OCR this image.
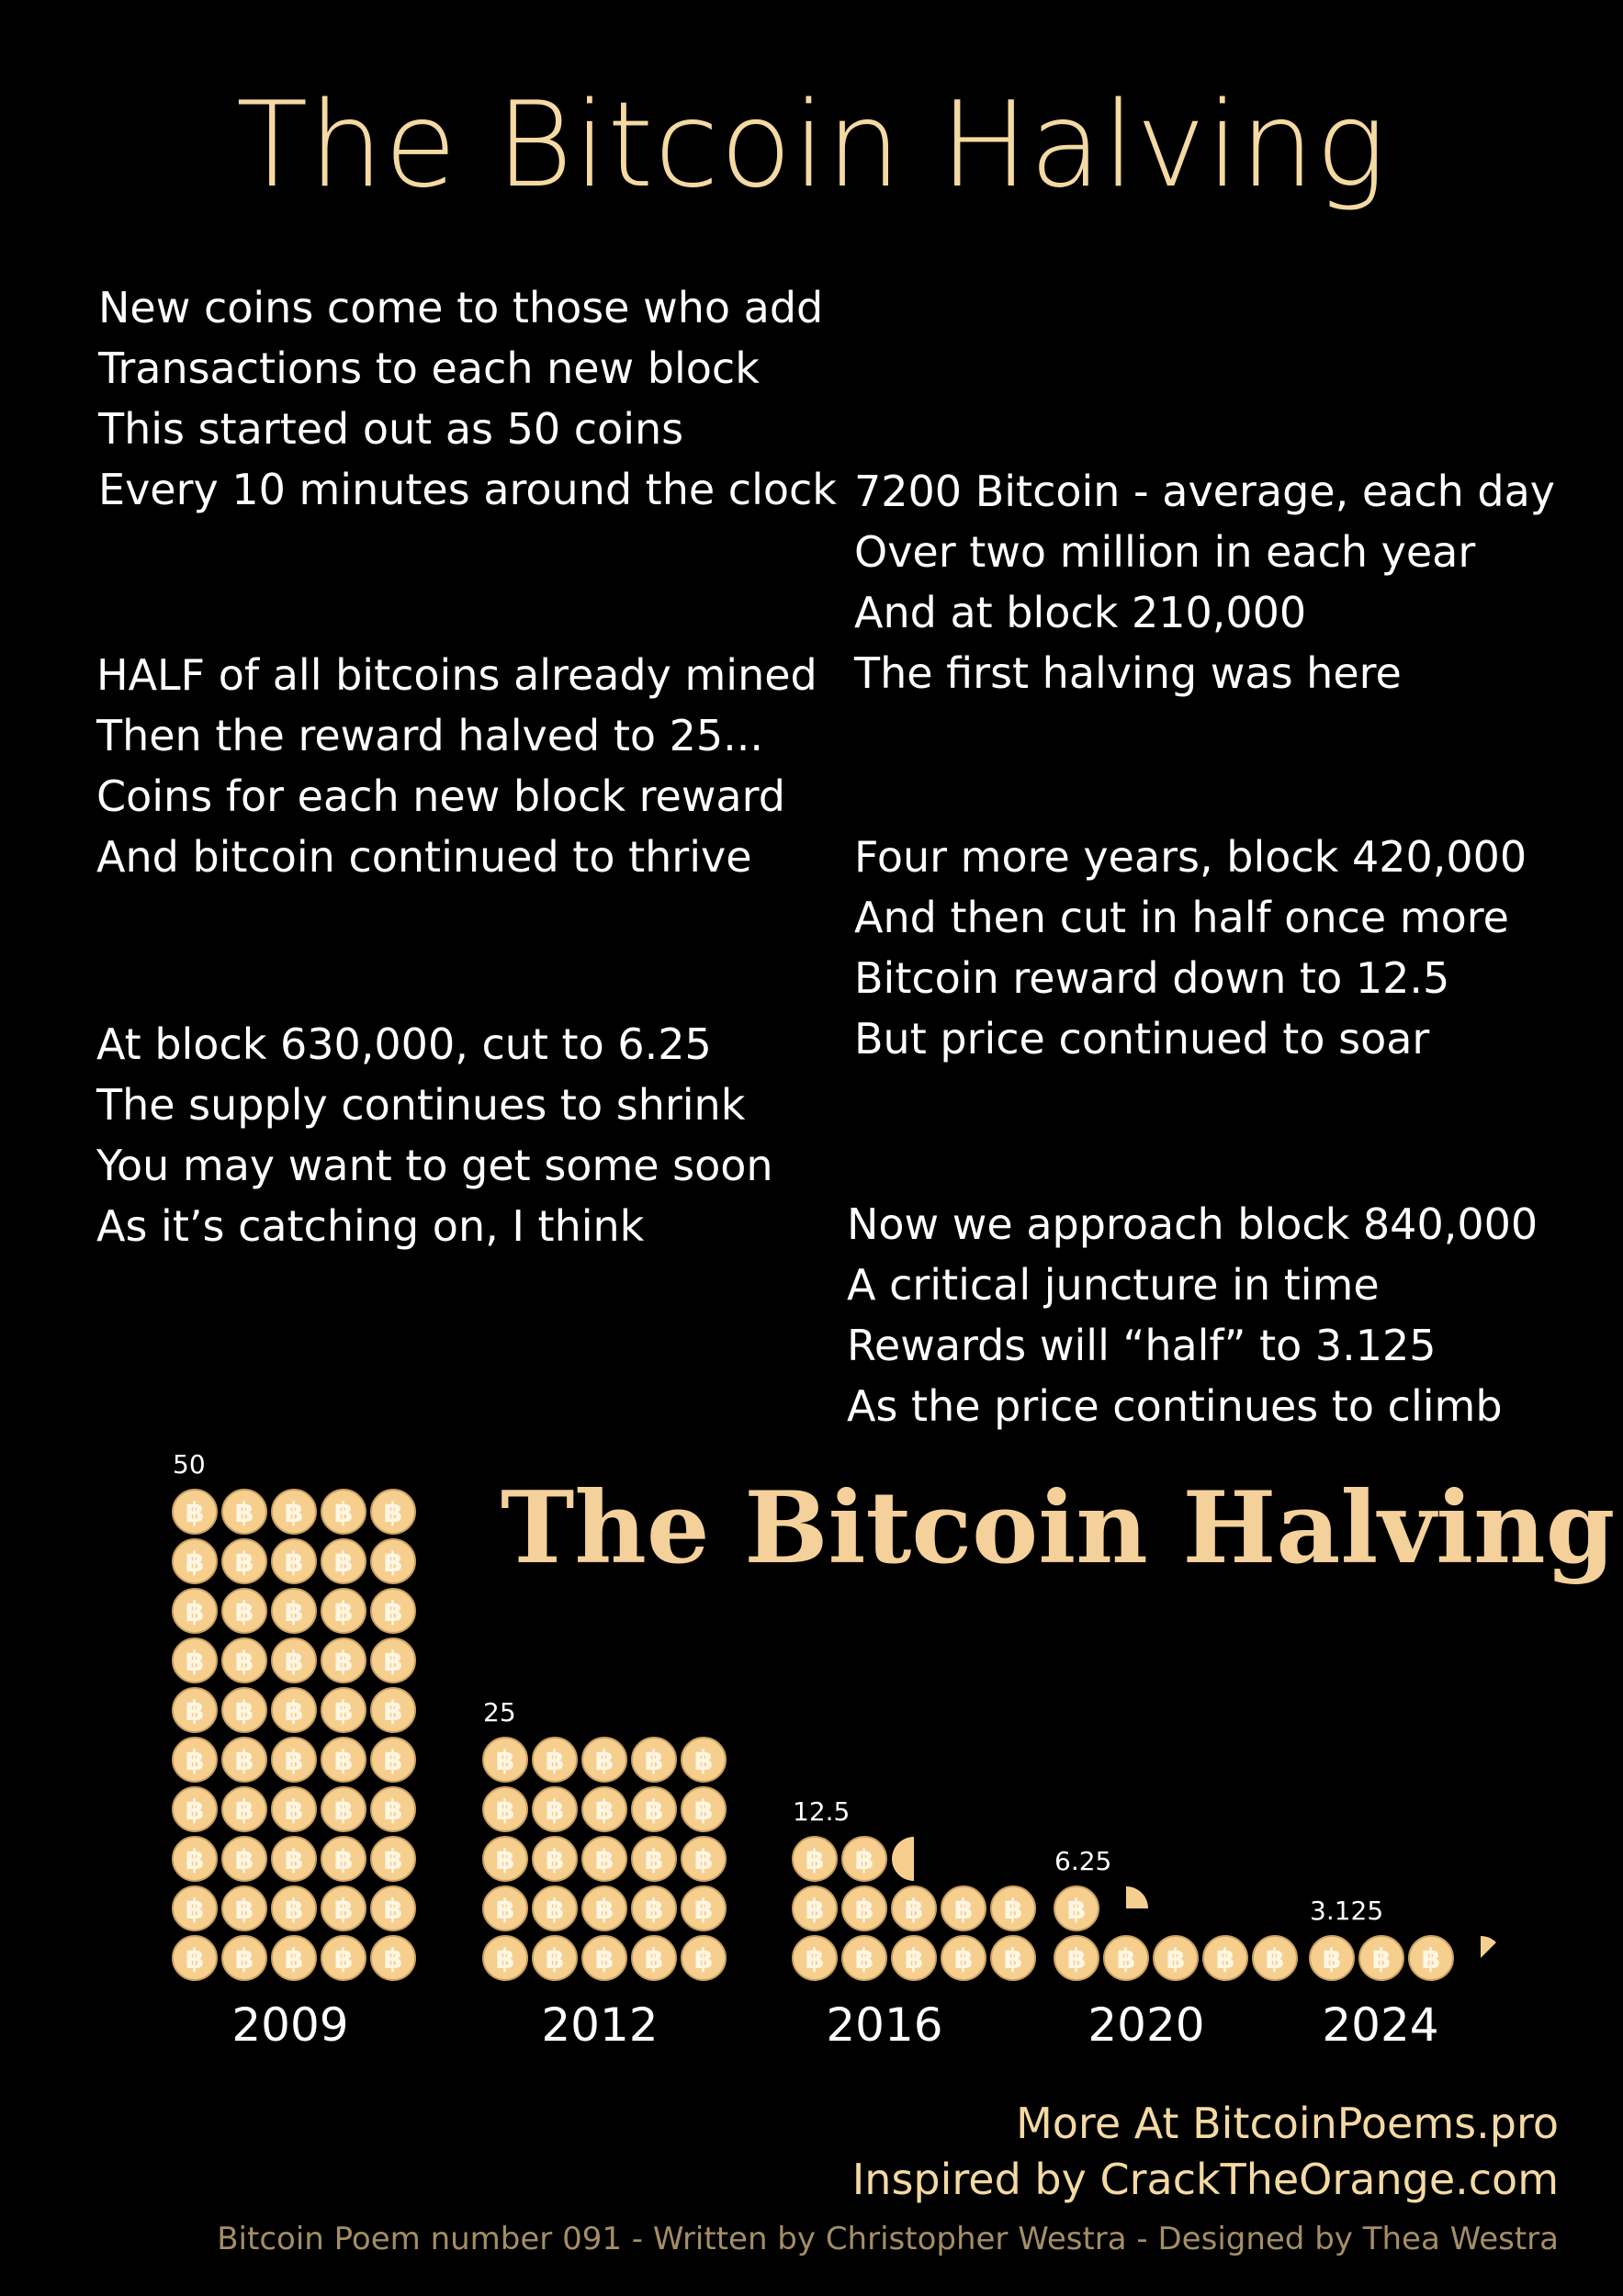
The Bitcoin Halving
New coins come to those who add
Transactions to each new block
This started out as 50 coins
Every 10 minutes around the clock 7200 Bitcoin - average, each day
Over two million in each year
And at block 210,000
The first halving was here
HALF of all bitcoins already mined
Then the reward halved to 25...
Coins for each new block reward
And bitcoin continued to thrive	Four more years, block 420,000
And then cut in half once more
Bitcoin reward down to 12.5
But price continued to soar
At block 630,000, cut to 6.25
The supply continues to shrink
You may want to get some soon
As it’s catching on, I think	Now we approach block 840,000
A critical juncture in time
Rewards will “half” to 3.125
As the price continues to climb
The Bitcoin Halving
฿ ฿ ฿ ฿ ฿
฿ ฿ ฿ ฿ ฿
฿ ฿ ฿ ฿ ฿
฿ ฿ ฿ ฿ ฿
฿ ฿ ฿ ฿ ฿
฿ ฿ ฿ ฿ ฿
฿ ฿ ฿ ฿ ฿
฿ ฿ ฿ ฿ ฿
฿ ฿ ฿ ฿ ฿
฿ ฿ ฿ ฿ ฿
50
2009
฿ ฿ ฿ ฿ ฿
฿ ฿ ฿ ฿ ฿
฿ ฿ ฿ ฿ ฿
฿ ฿ ฿ ฿ ฿
฿ ฿ ฿ ฿ ฿
25
2012
฿ ฿ ฿ ฿ ฿
฿ ฿ ฿ ฿ ฿
฿ ฿
12.5
2016
฿ ฿ ฿ ฿ ฿
฿
6.25
2020
฿ ฿ ฿
3.125
2024
More At BitcoinPoems.pro
Inspired by CrackTheOrange.com
Bitcoin Poem number 091 - Written by Christopher Westra - Designed by Thea Westra
